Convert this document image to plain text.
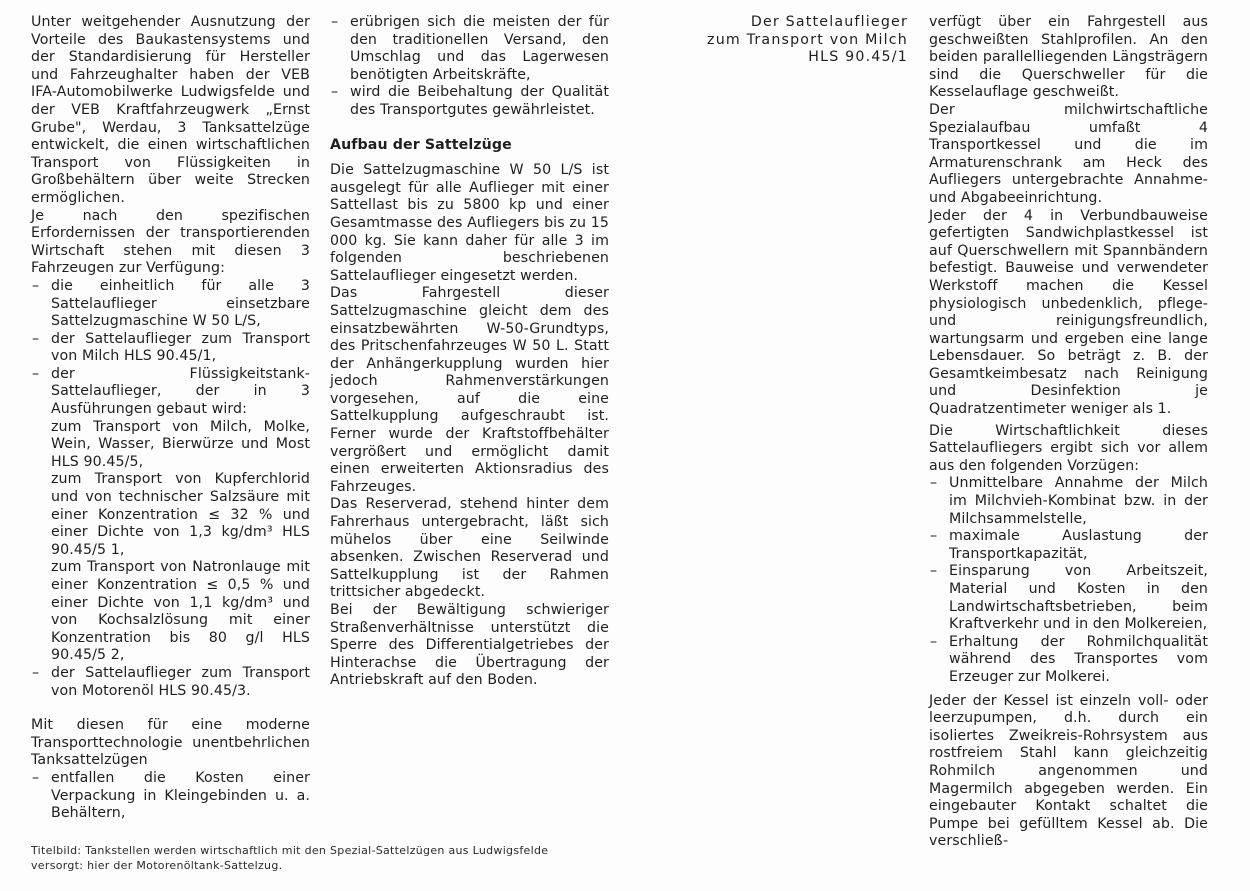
Unter weitgehender Ausnutzung der Vorteile des Baukastensystems und der Standardisierung für Hersteller und Fahrzeughalter haben der VEB IFA-Automobilwerke Ludwigsfelde und der VEB Kraftfahrzeugwerk „Ernst Grube", Werdau, 3 Tanksattelzüge entwickelt, die einen wirtschaftlichen Transport von Flüssigkeiten in Großbehältern über weite Strecken ermöglichen.

Je nach den spezifischen Erfordernissen der transportierenden Wirtschaft stehen mit diesen 3 Fahrzeugen zur Verfügung:

– die einheitlich für alle 3 Sattelauflieger einsetzbare Sattelzugmaschine W 50 L/S,
– der Sattelauflieger zum Transport von Milch HLS 90.45/1,
– der Flüssigkeitstank-Sattelauflieger, der in 3 Ausführungen gebaut wird:
zum Transport von Milch, Molke, Wein, Wasser, Bierwürze und Most HLS 90.45/5,
zum Transport von Kupferchlorid und von technischer Salzsäure mit einer Konzentration ≤ 32 % und einer Dichte von 1,3 kg/dm³ HLS 90.45/5 1,
zum Transport von Natronlauge mit einer Konzentration ≤ 0,5 % und einer Dichte von 1,1 kg/dm³ und von Kochsalzlösung mit einer Konzentration bis 80 g/l HLS 90.45/5 2,
– der Sattelauflieger zum Transport von Motorenöl HLS 90.45/3.

Mit diesen für eine moderne Transporttechnologie unentbehrlichen Tanksattelzügen

– entfallen die Kosten einer Verpackung in Kleingebinden u. a. Behältern,
– erübrigen sich die meisten der für den traditionellen Versand, den Umschlag und das Lagerwesen benötigten Arbeitskräfte,
– wird die Beibehaltung der Qualität des Transportgutes gewährleistet.

Aufbau der Sattelzüge

Die Sattelzugmaschine W 50 L/S ist ausgelegt für alle Auflieger mit einer Sattellast bis zu 5800 kp und einer Gesamtmasse des Aufliegers bis zu 15 000 kg. Sie kann daher für alle 3 im folgenden beschriebenen Sattelauflieger eingesetzt werden.

Das Fahrgestell dieser Sattelzugmaschine gleicht dem des einsatzbewährten W-50-Grundtyps, des Pritschenfahrzeuges W 50 L. Statt der Anhängerkupplung wurden hier jedoch Rahmenverstärkungen vorgesehen, auf die eine Sattelkupplung aufgeschraubt ist. Ferner wurde der Kraftstoffbehälter vergrößert und ermöglicht damit einen erweiterten Aktionsradius des Fahrzeuges.

Das Reserverad, stehend hinter dem Fahrerhaus untergebracht, läßt sich mühelos über eine Seilwinde absenken. Zwischen Reserverad und Sattelkupplung ist der Rahmen trittsicher abgedeckt.

Bei der Bewältigung schwieriger Straßenverhältnisse unterstützt die Sperre des Differentialgetriebes der Hinterachse die Übertragung der Antriebskraft auf den Boden.

Der Sattelauflieger
zum Transport von Milch
HLS 90.45/1

verfügt über ein Fahrgestell aus geschweißten Stahlprofilen. An den beiden parallelliegenden Längsträgern sind die Querschweller für die Kesselauflage geschweißt.

Der milchwirtschaftliche Spezialaufbau umfaßt 4 Transportkessel und die im Armaturenschrank am Heck des Aufliegers untergebrachte Annahme- und Abgabeeinrichtung.

Jeder der 4 in Verbundbauweise gefertigten Sandwichplastkessel ist auf Querschwellern mit Spannbändern befestigt. Bauweise und verwendeter Werkstoff machen die Kessel physiologisch unbedenklich, pflege- und reinigungsfreundlich, wartungsarm und ergeben eine lange Lebensdauer. So beträgt z. B. der Gesamtkeimbesatz nach Reinigung und Desinfektion je Quadratzentimeter weniger als 1.

Die Wirtschaftlichkeit dieses Sattelaufliegers ergibt sich vor allem aus den folgenden Vorzügen:

– Unmittelbare Annahme der Milch im Milchvieh-Kombinat bzw. in der Milchsammelstelle,
– maximale Auslastung der Transportkapazität,
– Einsparung von Arbeitszeit, Material und Kosten in den Landwirtschaftsbetrieben, beim Kraftverkehr und in den Molkereien,
– Erhaltung der Rohmilchqualität während des Transportes vom Erzeuger zur Molkerei.

Jeder der Kessel ist einzeln voll- oder leerzupumpen, d.h. durch ein isoliertes Zweikreis-Rohrsystem aus rostfreiem Stahl kann gleichzeitig Rohmilch angenommen und Magermilch abgegeben werden. Ein eingebauter Kontakt schaltet die Pumpe bei gefülltem Kessel ab. Die verschließ-

Titelbild: Tankstellen werden wirtschaftlich mit den Spezial-Sattelzügen aus Ludwigsfelde
versorgt: hier der Motorenöltank-Sattelzug.
